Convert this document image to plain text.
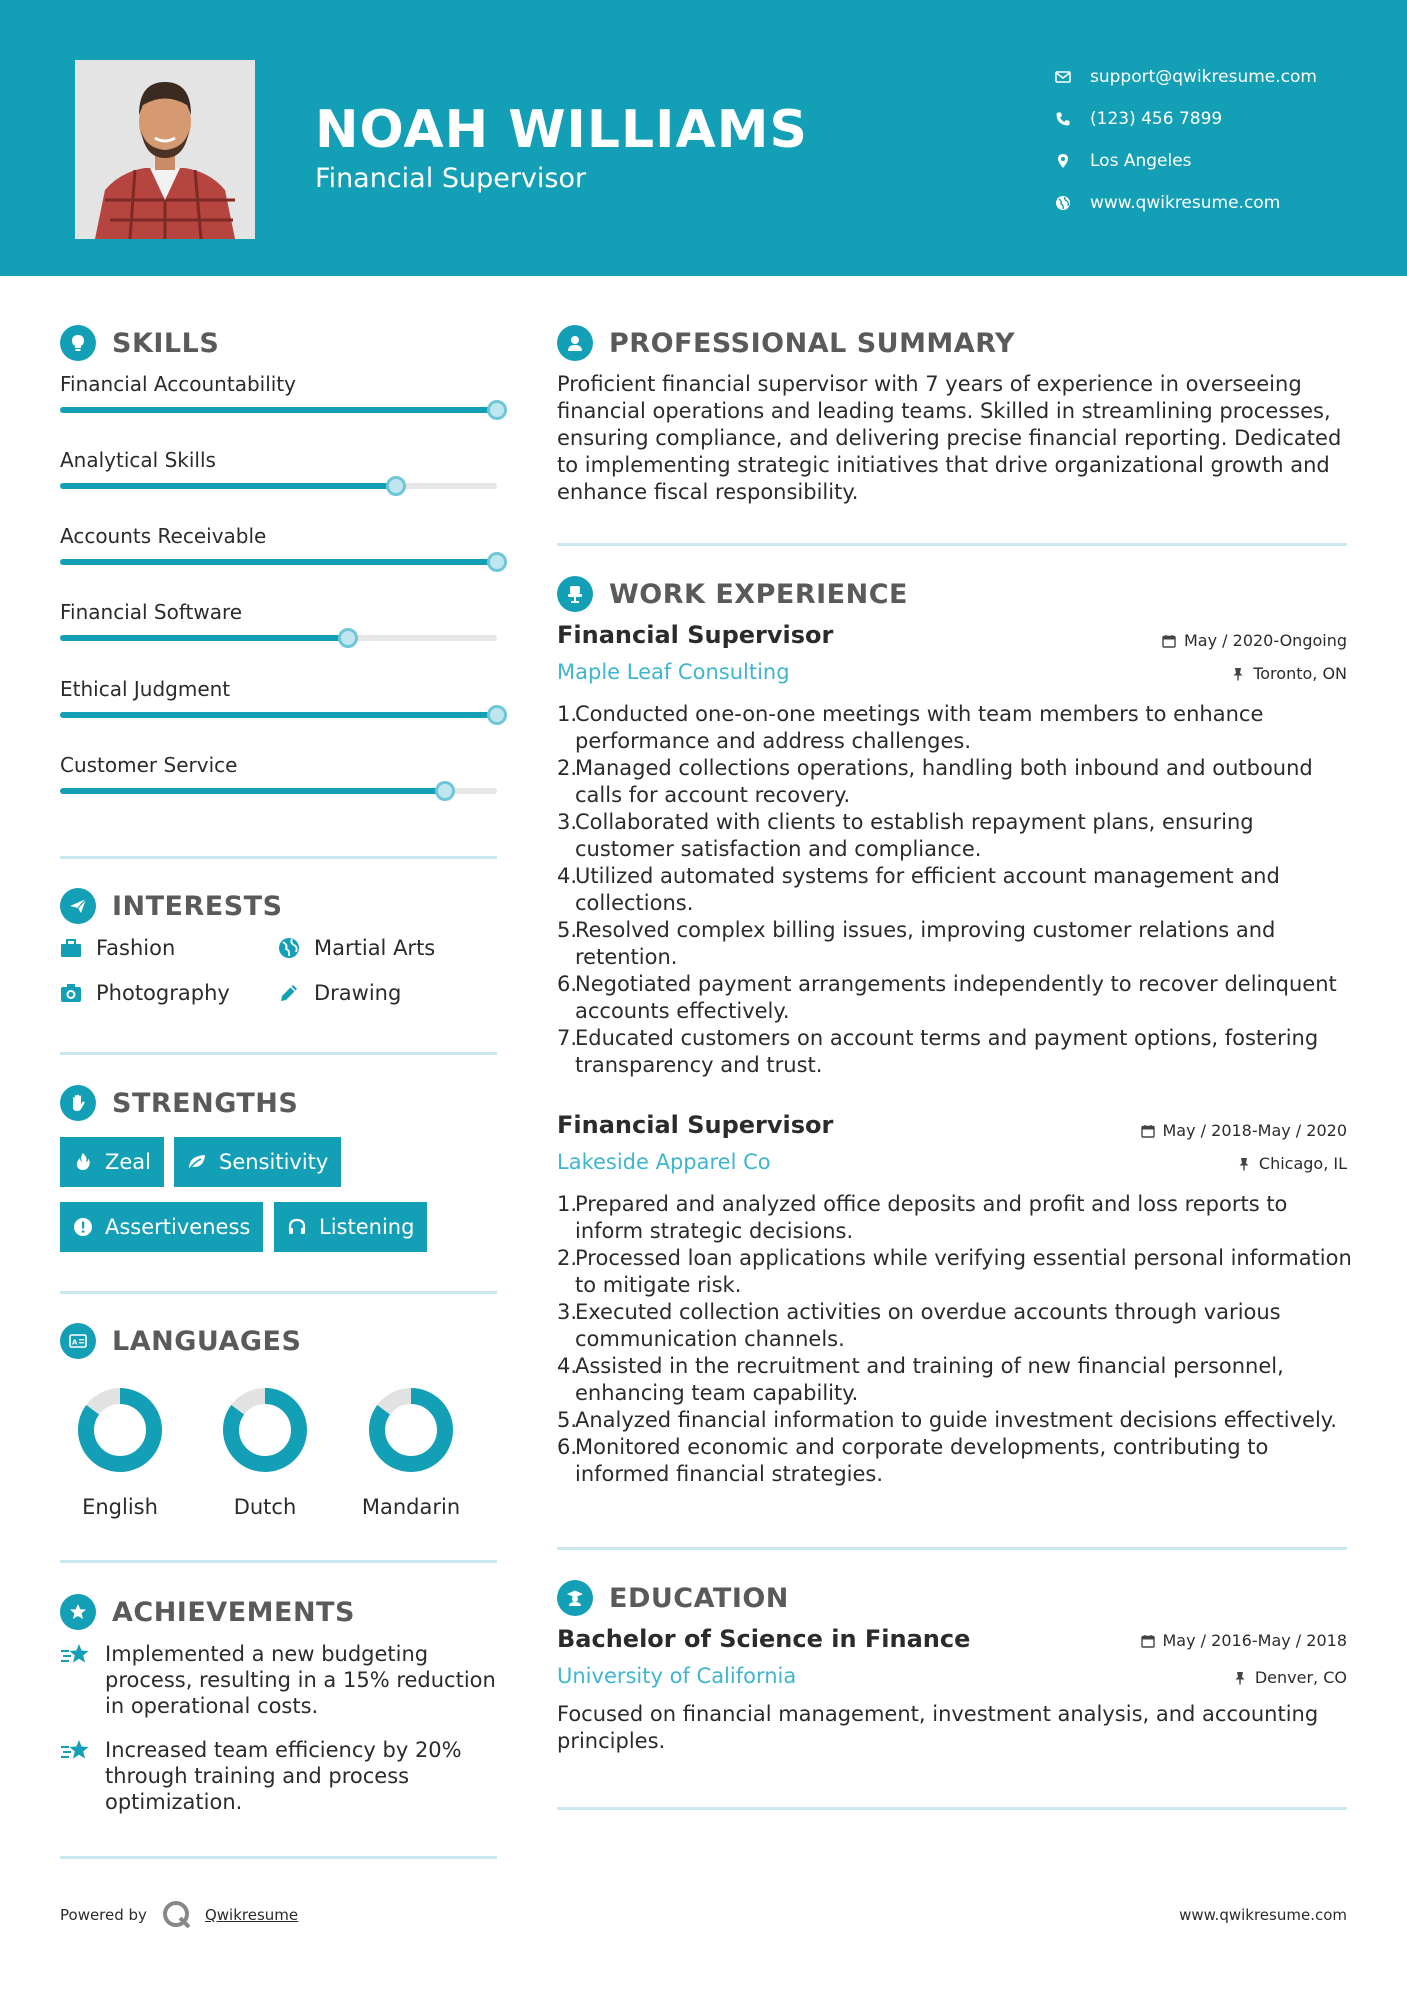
NOAH WILLIAMS
Financial Supervisor
support@qwikresume.com
(123) 456 7899
Los Angeles
www.qwikresume.com
SKILLS
Financial Accountability
Analytical Skills
Accounts Receivable
Financial Software
Ethical Judgment
Customer Service
INTERESTS
Fashion	Martial Arts
Photography	Drawing
STRENGTHS
Zeal	Sensitivity
Assertiveness	Listening
A LANGUAGES
English	Dutch	Mandarin
ACHIEVEMENTS
Implemented a new budgeting process, resulting in a 15% reduction in operational costs.
Increased team efficiency by 20% through training and process optimization.
PROFESSIONAL SUMMARY
Proficient financial supervisor with 7 years of experience in overseeing financial operations and leading teams. Skilled in streamlining processes, ensuring compliance, and delivering precise financial reporting. Dedicated to implementing strategic initiatives that drive organizational growth and enhance fiscal responsibility.
WORK EXPERIENCE
Financial Supervisor	May / 2020-Ongoing
Maple Leaf Consulting	Toronto, ON
1.
Conducted one-on-one meetings with team members to enhance performance and address challenges.
2.
Managed collections operations, handling both inbound and outbound calls for account recovery.
3.
Collaborated with clients to establish repayment plans, ensuring customer satisfaction and compliance.
4.
Utilized automated systems for efficient account management and collections.
5.
Resolved complex billing issues, improving customer relations and retention.
6.
Negotiated payment arrangements independently to recover delinquent accounts effectively.
7.
Educated customers on account terms and payment options, fostering transparency and trust.
Financial Supervisor	May / 2018-May / 2020
Lakeside Apparel Co	Chicago, IL
1.
Prepared and analyzed office deposits and profit and loss reports to inform strategic decisions.
2.
Processed loan applications while verifying essential personal information to mitigate risk.
3.
Executed collection activities on overdue accounts through various communication channels.
4.
Assisted in the recruitment and training of new financial personnel, enhancing team capability.
5.
Analyzed financial information to guide investment decisions effectively.
6.
Monitored economic and corporate developments, contributing to informed financial strategies.
EDUCATION
Bachelor of Science in Finance	May / 2016-May / 2018
University of California	Denver, CO
Focused on financial management, investment analysis, and accounting principles.
Powered by	Qwikresume	www.qwikresume.com
